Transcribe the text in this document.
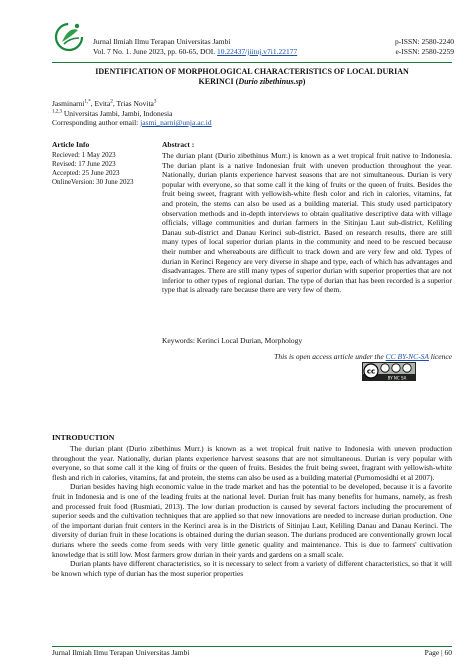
Jurnal Ilmiah Ilmu Terapan Universitas Jambi
Vol. 7 No. 1. June 2023, pp. 60-65, DOI. 10.22437/jiituj.v7i1.22177
p-ISSN: 2580-2240
e-ISSN: 2580-2259
IDENTIFICATION OF MORPHOLOGICAL CHARACTERISTICS OF LOCAL DURIAN
KERINCI (Durio zibethinus.sp)
Jasminarni$^{1,*}$, Evita$^2$, Trias Novita$^3$
$^{1,2,3}$ Universitas Jambi, Jambi, Indonesia
Corresponding author email: jasmi_narni@unja.ac.id
Article Info
Recieved: 1 May 2023
Revised: 17 June 2023
Accepted: 25 June 2023
OnlineVersion: 30 June 2023
Abstract :
The durian plant (Durio zibethinus Murr.) is known as a wet tropical fruit native to Indonesia. The durian plant is a native Indonesian fruit with uneven production throughout the year. Nationally, durian plants experience harvest seasons that are not simultaneous. Durian is very popular with everyone, so that some call it the king of fruits or the queen of fruits. Besides the fruit being sweet, fragrant with yellowish-white flesh color and rich in calories, vitamins, fat and protein, the stems can also be used as a building material. This study used participatory observation methods and in-depth interviews to obtain qualitative descriptive data with village officials, village communities and durian farmers in the Sitinjau Laut sub-district, Keliling Danau sub-district and Danau Kerinci sub-district. Based on research results, there are still many types of local superior durian plants in the community and need to be rescued because their number and whereabouts are difficult to track down and are very few and old. Types of durian in Kerinci Regency are very diverse in shape and type, each of which has advantages and disadvantages. There are still many types of superior durian with superior properties that are not inferior to other types of regional durian. The type of durian that has been recorded is a superior type that is already rare because there are very few of them.
Keywords: Kerinci Local Durian, Morphology
This is open access article under the CC BY-NC-SA licence
cc
BY NC SA
INTRODUCTION

The durian plant (Durio zibethinus Murr.) is known as a wet tropical fruit native to Indonesia with uneven production throughout the year. Nationally, durian plants experience harvest seasons that are not simultaneous. Durian is very popular with everyone, so that some call it the king of fruits or the queen of fruits. Besides the fruit being sweet, fragrant with yellowish-white flesh and rich in calories, vitamins, fat and protein, the stems can also be used as a building material (Purnomosidhi et al 2007).

Durian besides having high economic value in the trade market and has the potential to be developed, because it is a favorite fruit in Indonesia and is one of the leading fruits at the national level. Durian fruit has many benefits for humans, namely, as fresh and processed fruit food (Rusmiati, 2013). The low durian production is caused by several factors including the procurement of superior seeds and the cultivation techniques that are applied so that new innovations are needed to increase durian production. One of the important durian fruit centers in the Kerinci area is in the Districts of Sitinjau Laut, Keliling Danau and Danau Kerinci. The diversity of durian fruit in these locations is obtained during the durian season. The durians produced are conventionally grown local durians where the seeds come from seeds with very little genetic quality and maintenance. This is due to farmers' cultivation knowledge that is still low. Most farmers grow durian in their yards and gardens on a small scale.

Durian plants have different characteristics, so it is necessary to select from a variety of different characteristics, so that it will be known which type of durian has the most superior properties

Jurnal Ilmiah Ilmu Terapan Universitas Jambi	Page | 60
